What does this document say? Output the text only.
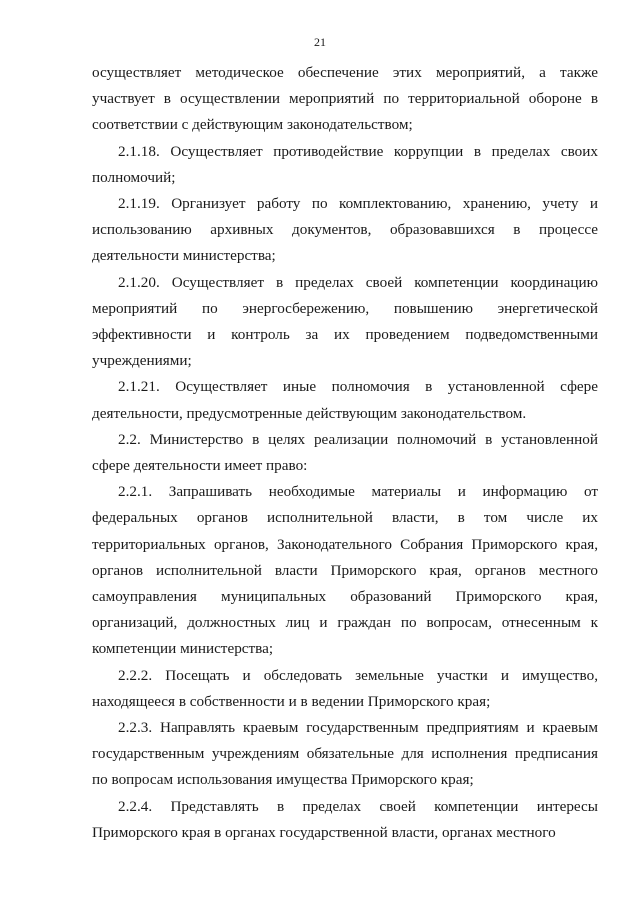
21

осуществляет методическое обеспечение этих мероприятий, а также участвует в осуществлении мероприятий по территориальной обороне в соответствии с действующим законодательством;

2.1.18. Осуществляет противодействие коррупции в пределах своих полномочий;

2.1.19. Организует работу по комплектованию, хранению, учету и использованию архивных документов, образовавшихся в процессе деятельности министерства;

2.1.20. Осуществляет в пределах своей компетенции координацию мероприятий по энергосбережению, повышению энергетической эффективности и контроль за их проведением подведомственными учреждениями;

2.1.21. Осуществляет иные полномочия в установленной сфере деятельности, предусмотренные действующим законодательством.

2.2. Министерство в целях реализации полномочий в установленной сфере деятельности имеет право:

2.2.1. Запрашивать необходимые материалы и информацию от федеральных органов исполнительной власти, в том числе их территориальных органов, Законодательного Собрания Приморского края, органов исполнительной власти Приморского края, органов местного самоуправления муниципальных образований Приморского края, организаций, должностных лиц и граждан по вопросам, отнесенным к компетенции министерства;

2.2.2. Посещать и обследовать земельные участки и имущество, находящееся в собственности и в ведении Приморского края;

2.2.3. Направлять краевым государственным предприятиям и краевым государственным учреждениям обязательные для исполнения предписания по вопросам использования имущества Приморского края;

2.2.4. Представлять в пределах своей компетенции интересы Приморского края в органах государственной власти, органах местного
